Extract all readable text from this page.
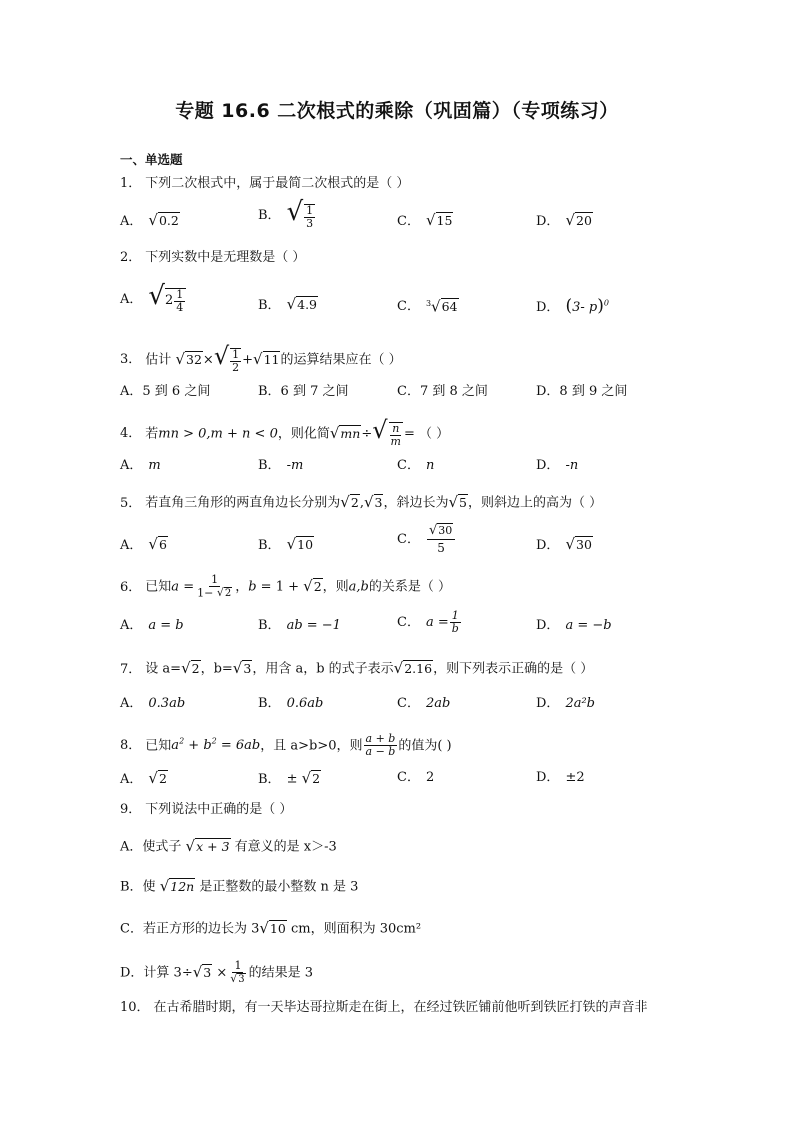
专题 16.6 二次根式的乘除（巩固篇）（专项练习）
一、单选题
1． 下列二次根式中，属于最简二次根式的是（ ）
A． √0.2	B． √ $\frac{1}{3}$	C． √15	D． √20
2． 下列实数中是无理数是（ ）
A． $√2 \frac{1}{4}$	B． √4.9	C． $^3$√64	D． (3- p)$^0$
3． 估计 $√32\times√ \frac{1}{2} +√11$的运算结果应在（ ）
A．5 到 6 之间	B．6 到 7 之间	C．7 到 8 之间	D．8 到 9 之间
4． 若mn > 0,m + n < 0，则化简$√mn\div√ \frac{n}{m}$ = （ ）
A． m	B． -m	C． n	D． -n
5． 若直角三角形的两直角边长分别为√2,√3，斜边长为√5，则斜边上的高为（ ）
A． √6	B． √10	C． $\frac{√30}{5}$	D． √30
6． 已知$a = \frac{1}{1- √2}$ ，b = 1 + √2，则a,b的关系是（ ）
A． a = b	B． ab = −1	C． $a = \frac{1}{b}$	D． a = −b
7． 设 a=√2，b=√3，用含 a，b 的式子表示√2.16，则下列表示正确的是（ ）
A． 0.3ab	B． 0.6ab	C． 2ab	D． 2a²b
8． 已知$a^2 + b^2 = 6ab$，且 a>b>0，则 $\frac{a + b}{a - b}$ 的值为( )
A． √2	B． ± √2	C． 2	D． ±2
9． 下列说法中正确的是（ ）
A．使式子 √x + 3 有意义的是 x＞-3
B．使 √12n 是正整数的最小整数 n 是 3
C．若正方形的边长为 3√10 cm，则面积为 30cm²
D．计算 $3\div√3 \times \frac{1}{√3}$ 的结果是 3
10． 在古希腊时期，有一天毕达哥拉斯走在街上，在经过铁匠铺前他听到铁匠打铁的声音非
